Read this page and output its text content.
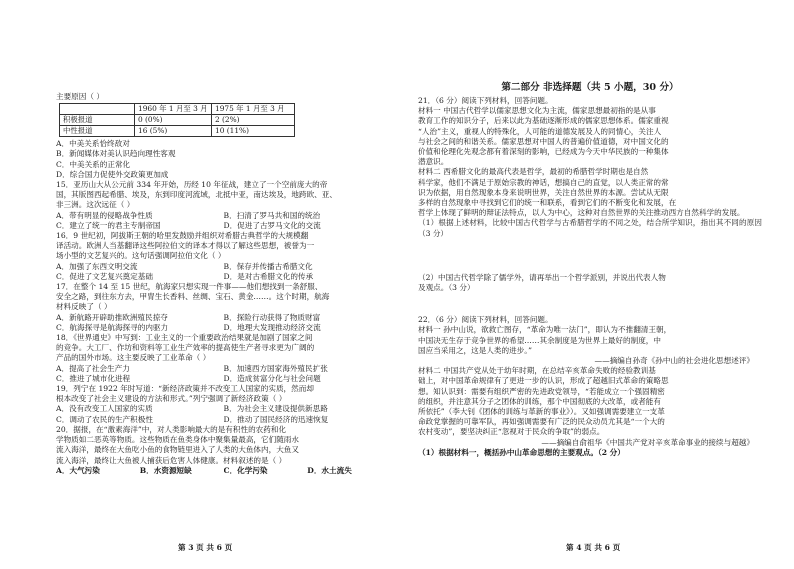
主要原因（ ）

	1960 年 1 月至 3 月	1975 年 1 月至 3 月
积极报道	0 (0%)	2 (2%)
中性报道	16 (5%)	10 (11%)

A．中美关系恰终敌对

B．新闻媒体对美认识趋向理性客观

C．中美关系的正常化

D．综合国力促使外交政策更加成

15．亚历山大从公元前 334 年开始，历经 10 年征战，建立了一个空前庞大的帝

国，其版图西起希腊、埃及，东到印度河流域，北抵中亚，南达埃及，地跨欧、亚、

非三洲。这次远征（ ）

A．带有明显的侵略战争性质	B．扫清了罗马共和国的统治

C．建立了统一的君主专制帝国	D．促进了古罗马文化的交流

16．9 世纪初，阿拔斯王朝的哈里发鼓励并组织对希腊古典哲学的大规模翻

译活动。欧洲人当基翻译这些阿拉伯文的译本才得以了解这些思想，被誉为一

场小型的文艺复兴的。这句话强调阿拉伯文化（ ）

A．加强了东西文明交流	B．保存并传播古希腊文化

C．促进了文艺复兴奠定基础	D．是对古希腊文化的传承

17．在整个 14 至 15 世纪，航海家只想实现一件事——他们想找到一条舒服、

安全之路，到往东方去，甲胄生长香料、丝绸、宝石、黄金……。这个时期，航海

材料反映了（ ）

A．新航路开辟助推欧洲殖民掠夺	B．探险行动获得了物质财富

C．航海探寻是航海探寻的内驱力	D．地理大发现推动经济交流

18．《世界通史》中写到：工业主义的一个重要政治结果就是加剧了国家之间

的竞争。大工厂、作坊和资料等工业生产效率的提高使生产者寻求更为广阔的

产品的国外市场。这主要反映了工业革命（ ）

A．提高了社会生产力	B．加速西方国家海外殖民扩张

C．推进了城市化进程	D．造成贫富分化与社会问题

19．列宁在 1922 年时写道：“新经济政策并不改变工人国家的实质，然而却

根本改变了社会主义建设的方法和形式。”列宁强调了新经济政策（ ）

A．没有改变工人国家的实质	B．为社会主义建设提供新思路

C．调动了农民的生产积极性	D．推动了国民经济的迅速恢复

20．据报，在“激素海洋”中，对人类影响最大的是有积性的农药和化

学物质如二恶英等物质。这些物质在鱼类身体中聚集量最高，它们随雨水

流入海洋，最终在大鱼吃小鱼的食物链里进入了人类的大鱼体内，大鱼又

流入海洋，最终让大鱼被人捕获后危害人体健康。材料叙述的是（ ）

A．大气污染	B．水资源短缺	C．化学污染	D．水土流失

第 3 页 共 6 页
第二部分 非选择题（共 5 小题，30 分）

21．（6 分）阅读下列材料，回答问题。

材料一 中国古代哲学以儒家思想文化为主流，儒家思想最初指的是从事

教育工作的知识分子，后来以此为基础逐渐形成的儒家思想体系。儒家重视

“人治”主义，重视人的特殊化，人可能的道德发展及人的同情心，关注人

与社会之间的和谐关系。儒家思想对中国人的普遍价值道德，对中国文化的

价值和伦理化先观念都有着深刻的影响，已经成为今天中华民族的一种集体

潜意识。

材料二 西希腊文化的最高代表是哲学，最初的希腊哲学时期也是自然

科学家，他们不满足于原始宗教的神话，想搞自己的直觉，以人类正常的常

识为依据，用自然现象本身来说明世界，关注自然世界的本源。尝试从无限

多样的自然现象中寻找到它们的统一和联系，看到它们的不断变化和发展，在

哲学上体现了鲜明的辩证法特点，以人为中心，这种对自然世界的关注推动西方自然科学的发展。

（1）根据上述材料，比较中国古代哲学与古希腊哲学的不同之处，结合所学知识，指出其不同的原因（3 分）

（2）中国古代哲学除了儒学外，请再举出一个哲学派别，并说出代表人物

及观点。（3 分）

22．（6 分）阅读下列材料，回答问题。

材料一 孙中山说，欲救亡图存，“革命为唯一法门”，即认为不推翻清王朝，

中国决无生存于竞争世界的希望……其余制度是为世界上最好的制度，中

国应当采用之，这是人类的进步。”

——摘编自孙奇《孙中山的社会进化思想述评》

材料二 中国共产党从处于幼年时期，在总结辛亥革命失败的经验教训基

础上，对中国革命规律有了更进一步的认识，形成了超越旧式革命的策略思

想。知认识到：需要有组织严密的先进政党领导，“若能成立一个强固精密

的组织，并注意其分子之团体的训练，那个中国彻底的大改革，或者能有

所依托”（李大钊《团体的训练与革新的事业》）。又如强调需要建立一支革

命政党掌握的可靠军队，再如强调需要有广泛的民众动员尤其是“一个大的

农村变动”，要坚决纠正“忽视对于民众的争取”的弱点。

——摘编自俞祖华《中国共产党对辛亥革命事业的接续与超越》

（1）根据材料一，概括孙中山革命思想的主要观点。（2 分）

第 4 页 共 6 页
